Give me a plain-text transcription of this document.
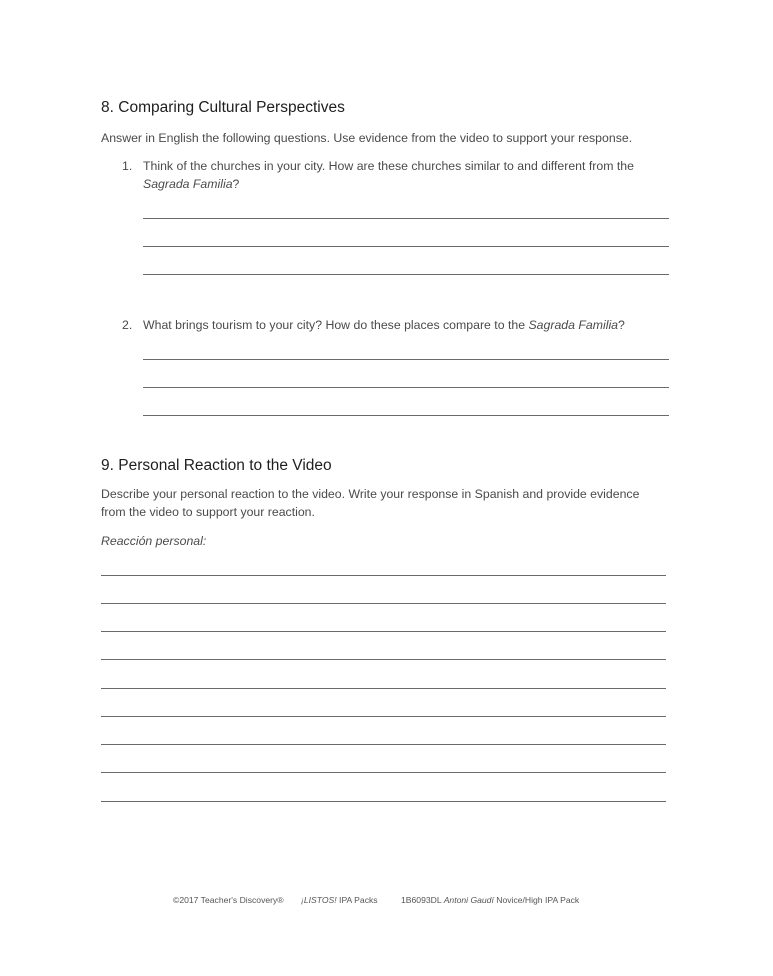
8. Comparing Cultural Perspectives
Answer in English the following questions. Use evidence from the video to support your response.
1. Think of the churches in your city. How are these churches similar to and different from the
Sagrada Familia?
2. What brings tourism to your city? How do these places compare to the Sagrada Familia?
9. Personal Reaction to the Video
Describe your personal reaction to the video. Write your response in Spanish and provide evidence
from the video to support your reaction.
Reacción personal:
©2017 Teacher's Discovery® ¡LISTOS! IPA Packs	1B6093DL Antoni Gaudí Novice/High IPA Pack
